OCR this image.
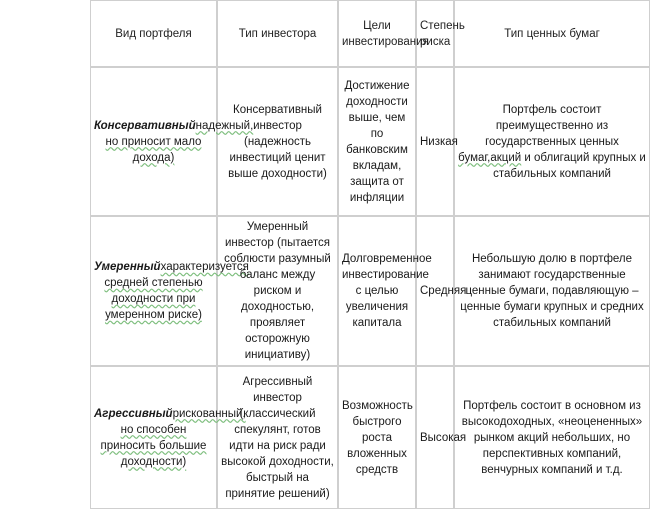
Вид портфеля	Тип инвестора	Цели инвестирования	Степень риска	Тип ценных бумаг
Консервативныйнадежный, но приносит мало дохода)	Консервативный инвестор (надежность инвестиций ценит выше доходности)	Достижение доходности выше, чем по банковским вкладам, защита от инфляции	Низкая	Портфель состоит преимущественно из государственных ценных бумаг,акций и облигаций крупных и стабильных компаний
Умеренныйхарактеризуется средней степенью доходности при умеренном риске)	Умеренный инвестор (пытается соблюсти разумный баланс между риском и доходностью, проявляет осторожную инициативу)	Долговременное инвестирование с целью увеличения капитала	Средняя	Небольшую долю в портфеле занимают государственные ценные бумаги, подавляющую – ценные бумаги крупных и средних стабильных компаний
Агрессивныйрискованный, но способен приносить большие доходности)	Агрессивный инвестор (классический спекулянт, готов идти на риск ради высокой доходности, быстрый на принятие решений)	Возможность быстрого роста вложенных средств	Высокая	Портфель состоит в основном из высокодоходных, «неоцененных» рынком акций небольших, но перспективных компаний, венчурных компаний и т.д.
